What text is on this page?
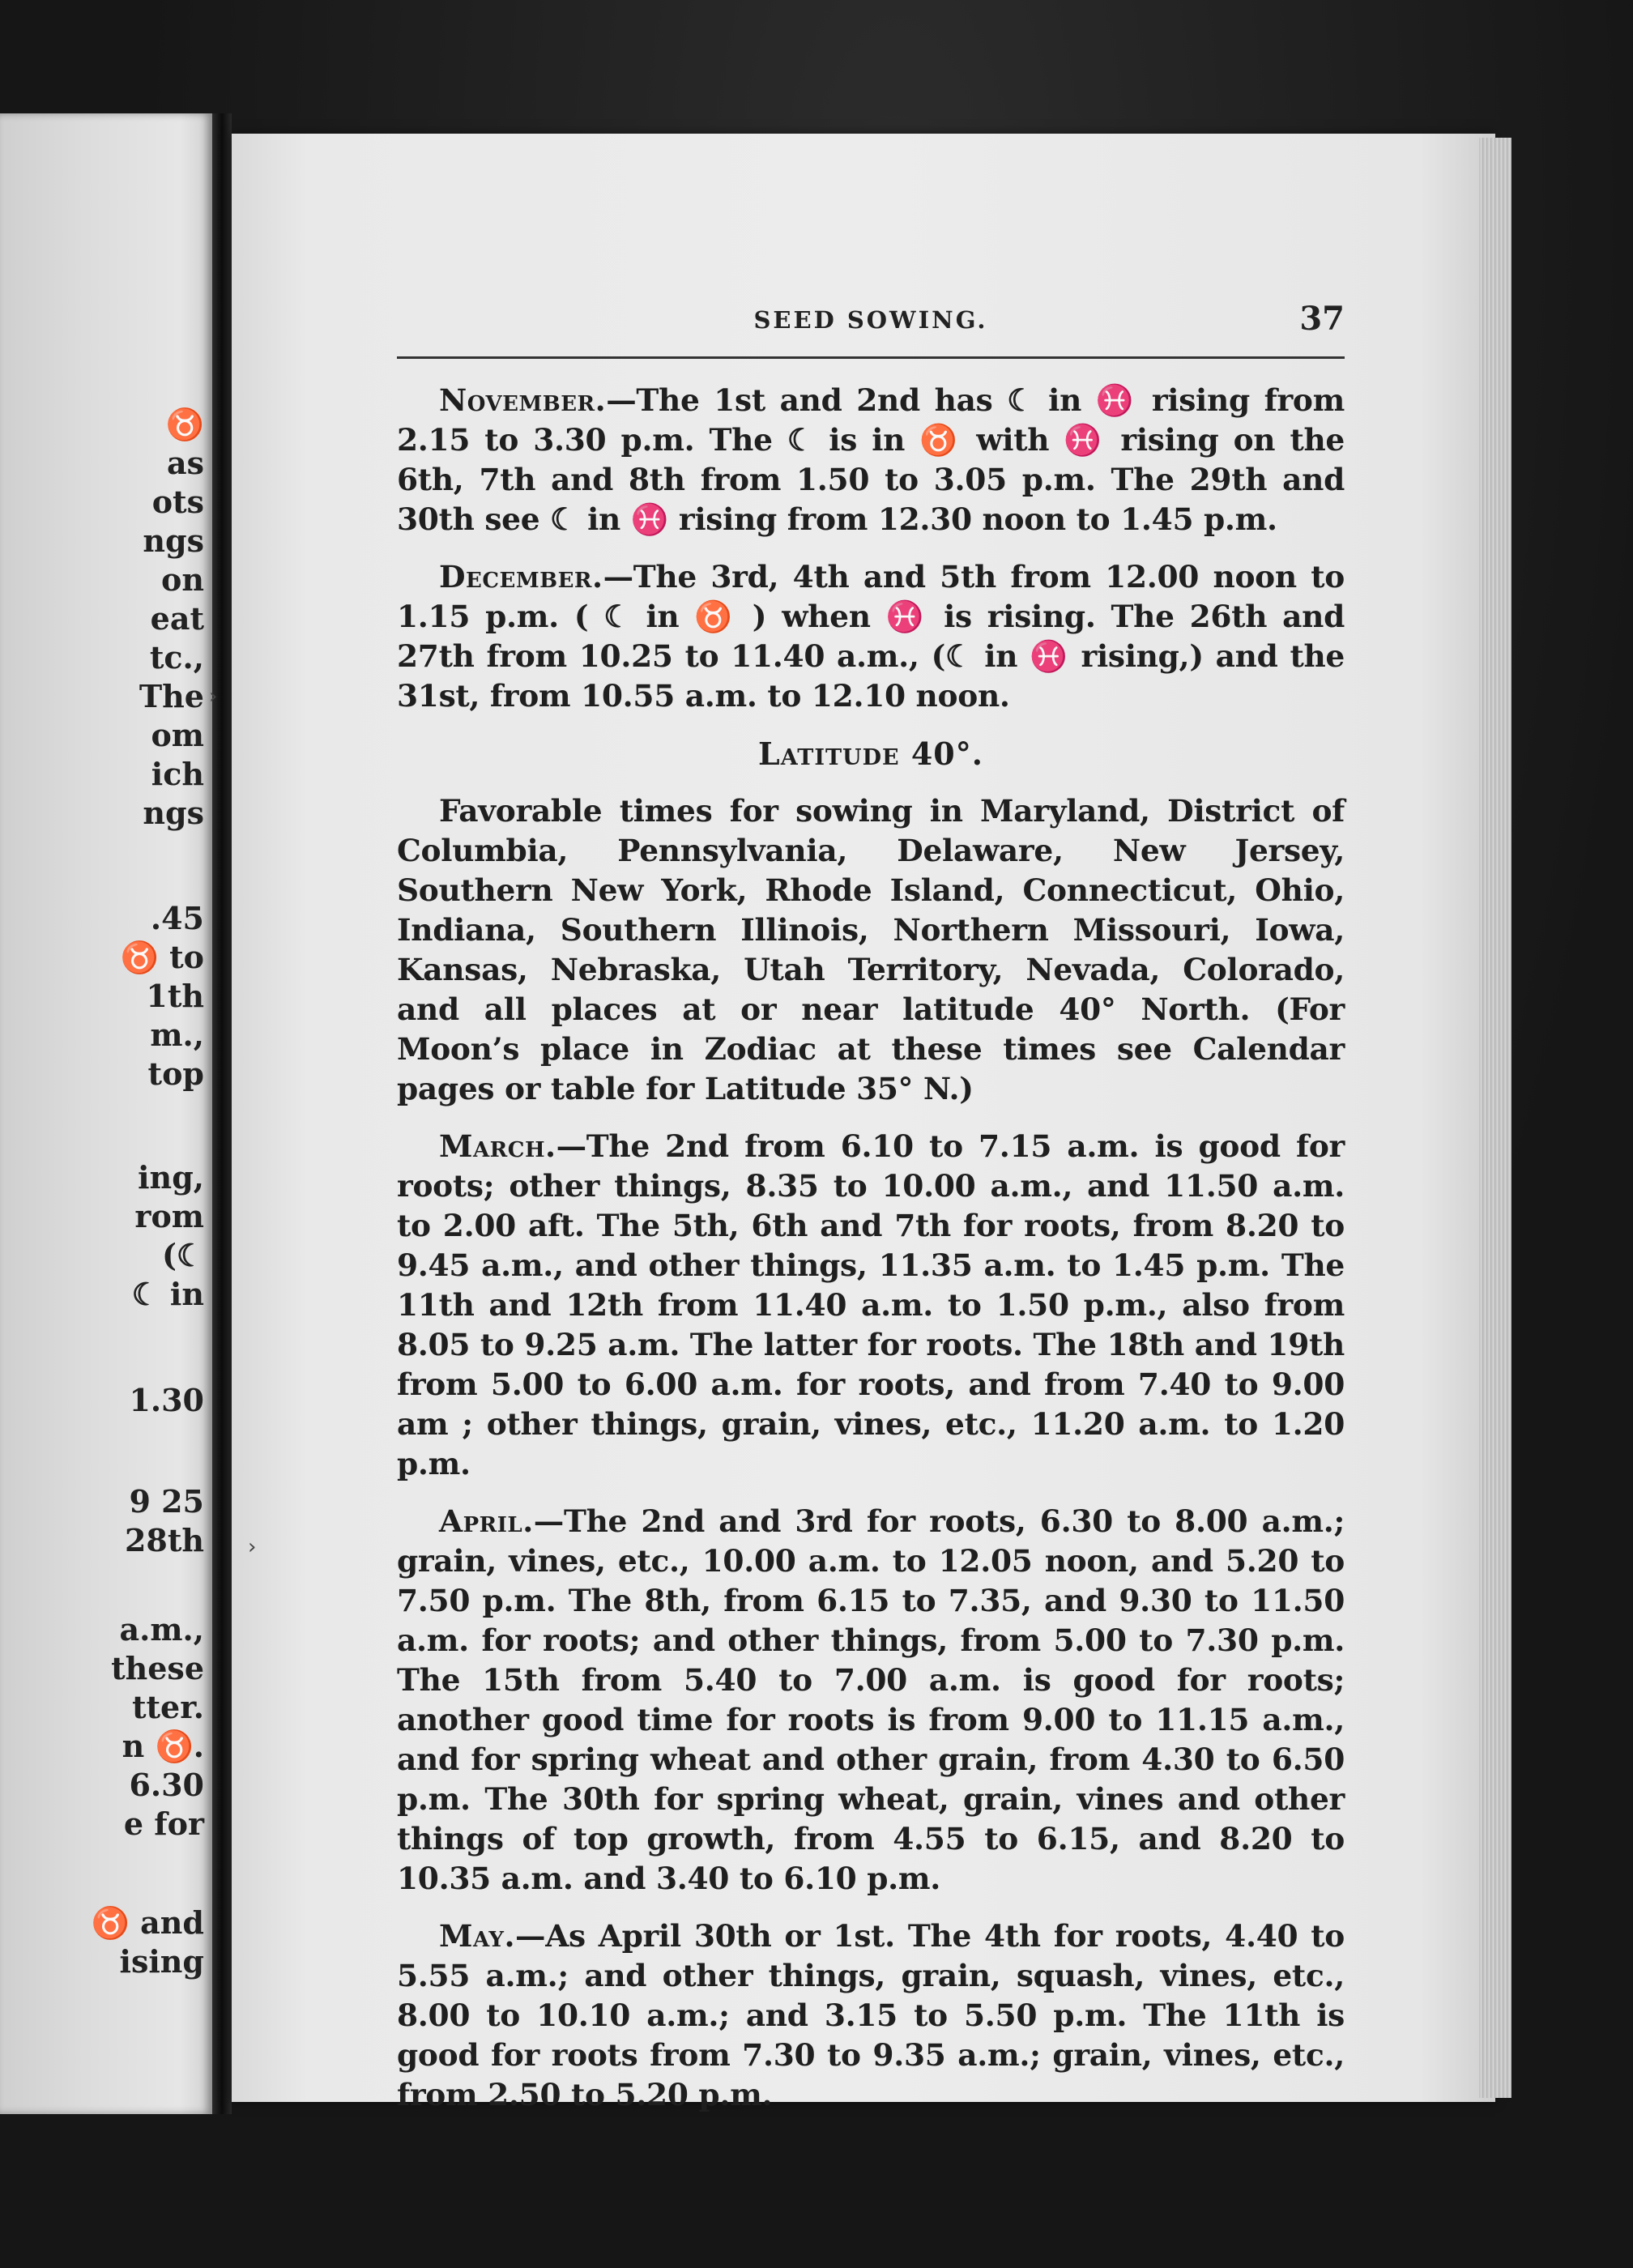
♉
as
ots
ngs
on
eat
tc.,
The
om
ich
ngs
.45
♉ to
1th
m.,
top
ing,
rom
(☾
☾ in
1.30
9 25
28th
a.m.,
these
tter.
n ♉.
6.30
e for
♉ and
ising
›
›
SEED SOWING.	37

November.—The 1st and 2nd has ☾ in ♓ rising from 2.15 to 3.30 p.m. The ☾ is in ♉ with ♓ rising on the 6th, 7th and 8th from 1.50 to 3.05 p.m. The 29th and 30th see ☾ in ♓ rising from 12.30 noon to 1.45 p.m.

December.—The 3rd, 4th and 5th from 12.00 noon to 1.15 p.m. ( ☾ in ♉ ) when ♓ is rising. The 26th and 27th from 10.25 to 11.40 a.m., (☾ in ♓ rising,) and the 31st, from 10.55 a.m. to 12.10 noon.

Latitude 40°.

Favorable times for sowing in Maryland, District of Columbia, Pennsylvania, Delaware, New Jersey, Southern New York, Rhode Island, Connecticut, Ohio, Indiana, Southern Illinois, Northern Missouri, Iowa, Kansas, Nebraska, Utah Territory, Nevada, Colorado, and all places at or near latitude 40° North. (For Moon’s place in Zodiac at these times see Calendar pages or table for Latitude 35° N.)

March.—The 2nd from 6.10 to 7.15 a.m. is good for roots; other things, 8.35 to 10.00 a.m., and 11.50 a.m. to 2.00 aft. The 5th, 6th and 7th for roots, from 8.20 to 9.45 a.m., and other things, 11.35 a.m. to 1.45 p.m. The 11th and 12th from 11.40 a.m. to 1.50 p.m., also from 8.05 to 9.25 a.m. The latter for roots. The 18th and 19th from 5.00 to 6.00 a.m. for roots, and from 7.40 to 9.00 am ; other things, grain, vines, etc., 11.20 a.m. to 1.20 p.m.

April.—The 2nd and 3rd for roots, 6.30 to 8.00 a.m.; grain, vines, etc., 10.00 a.m. to 12.05 noon, and 5.20 to 7.50 p.m. The 8th, from 6.15 to 7.35, and 9.30 to 11.50 a.m. for roots; and other things, from 5.00 to 7.30 p.m. The 15th from 5.40 to 7.00 a.m. is good for roots; another good time for roots is from 9.00 to 11.15 a.m., and for spring wheat and other grain, from 4.30 to 6.50 p.m. The 30th for spring wheat, grain, vines and other things of top growth, from 4.55 to 6.15, and 8.20 to 10.35 a.m. and 3.40 to 6.10 p.m.

May.—As April 30th or 1st. The 4th for roots, 4.40 to 5.55 a.m.; and other things, grain, squash, vines, etc., 8.00 to 10.10 a.m.; and 3.15 to 5.50 p.m. The 11th is good for roots from 7.30 to 9.35 a.m.; grain, vines, etc., from 2.50 to 5.20 p.m.
